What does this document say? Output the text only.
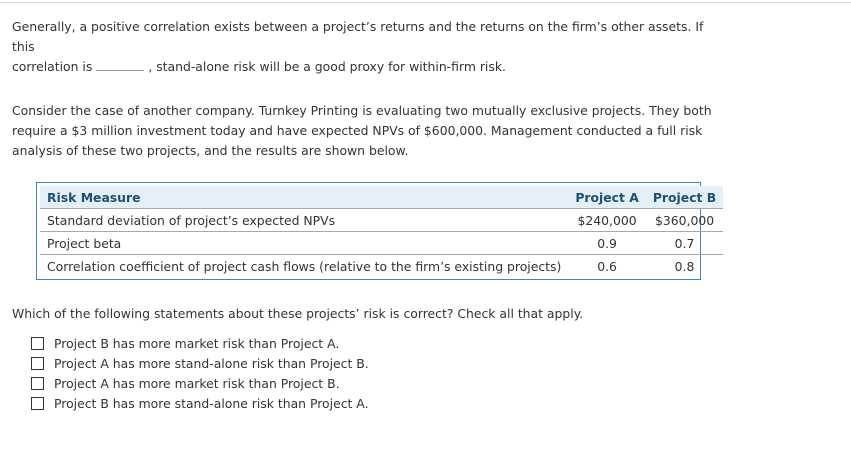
Generally, a positive correlation exists between a project’s returns and the returns on the firm’s other assets. If this
correlation is	, stand-alone risk will be a good proxy for within-firm risk.
Consider the case of another company. Turnkey Printing is evaluating two mutually exclusive projects. They both require a $3 million investment today and have expected NPVs of $600,000. Management conducted a full risk analysis of these two projects, and the results are shown below.
Risk Measure	Project A	Project B
Standard deviation of project’s expected NPVs	$240,000	$360,000
Project beta	0.9	0.7
Correlation coefficient of project cash flows (relative to the firm’s existing projects)	0.6	0.8
Which of the following statements about these projects’ risk is correct? Check all that apply.
Project B has more market risk than Project A.
Project A has more stand-alone risk than Project B.
Project A has more market risk than Project B.
Project B has more stand-alone risk than Project A.
